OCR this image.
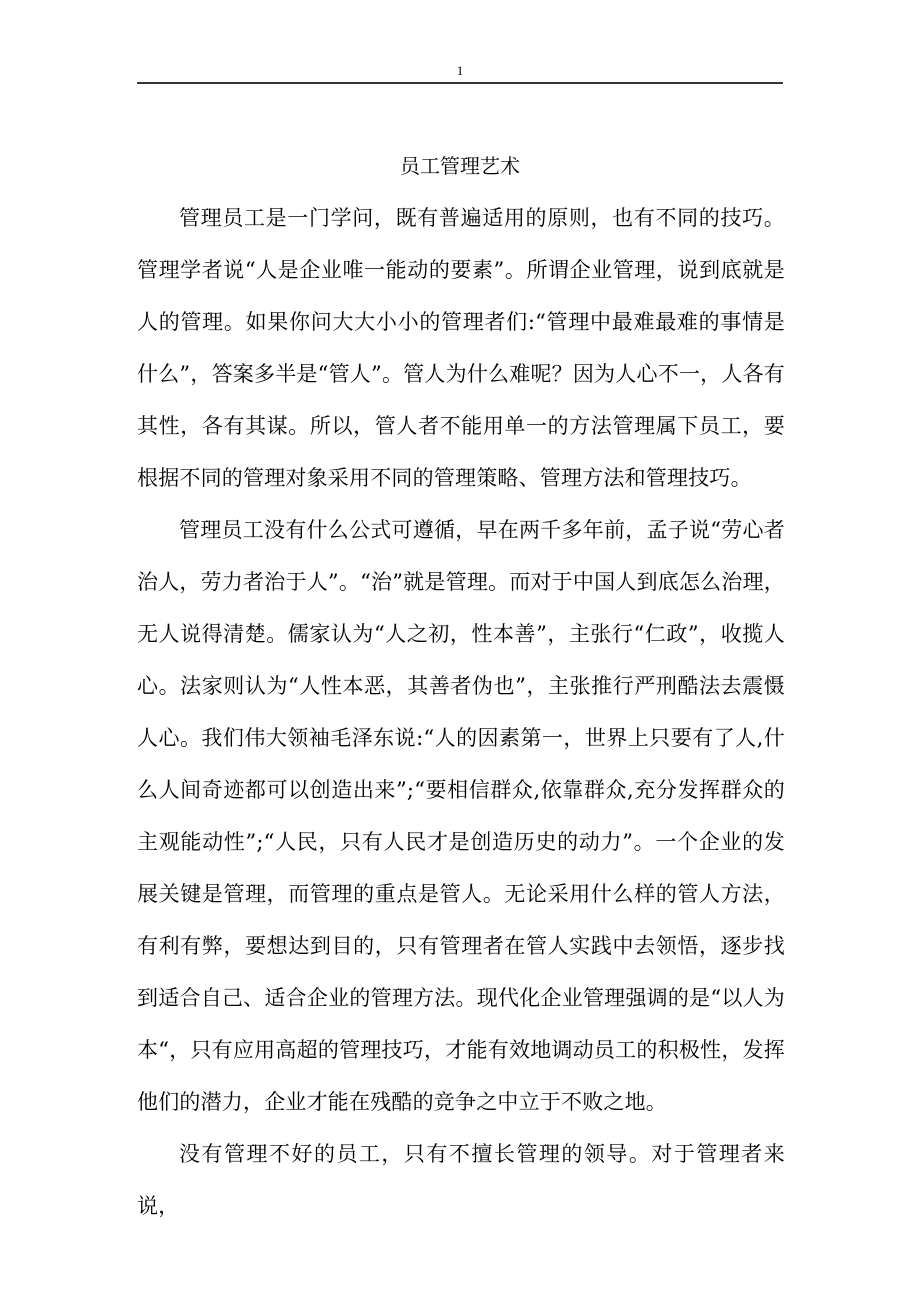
1
员工管理艺术

管理员工是一门学问，既有普遍适用的原则，也有不同的技巧。管理学者说“人是企业唯一能动的要素”。所谓企业管理，说到底就是人的管理。如果你问大大小小的管理者们:“管理中最难最难的事情是什么”，答案多半是“管人”。管人为什么难呢？因为人心不一，人各有其性，各有其谋。所以，管人者不能用单一的方法管理属下员工，要根据不同的管理对象采用不同的管理策略、管理方法和管理技巧。

管理员工没有什么公式可遵循，早在两千多年前，孟子说“劳心者治人，劳力者治于人”。“治”就是管理。而对于中国人到底怎么治理，无人说得清楚。儒家认为“人之初，性本善”，主张行“仁政”，收揽人心。法家则认为“人性本恶，其善者伪也”，主张推行严刑酷法去震慑人心。我们伟大领袖毛泽东说:“人的因素第一，世界上只要有了人,什么人间奇迹都可以创造出来”;“要相信群众,依靠群众,充分发挥群众的主观能动性”;“人民，只有人民才是创造历史的动力”。一个企业的发展关键是管理，而管理的重点是管人。无论采用什么样的管人方法，有利有弊，要想达到目的，只有管理者在管人实践中去领悟，逐步找到适合自己、适合企业的管理方法。现代化企业管理强调的是“以人为本“，只有应用高超的管理技巧，才能有效地调动员工的积极性，发挥他们的潜力，企业才能在残酷的竞争之中立于不败之地。

没有管理不好的员工，只有不擅长管理的领导。对于管理者来说，
